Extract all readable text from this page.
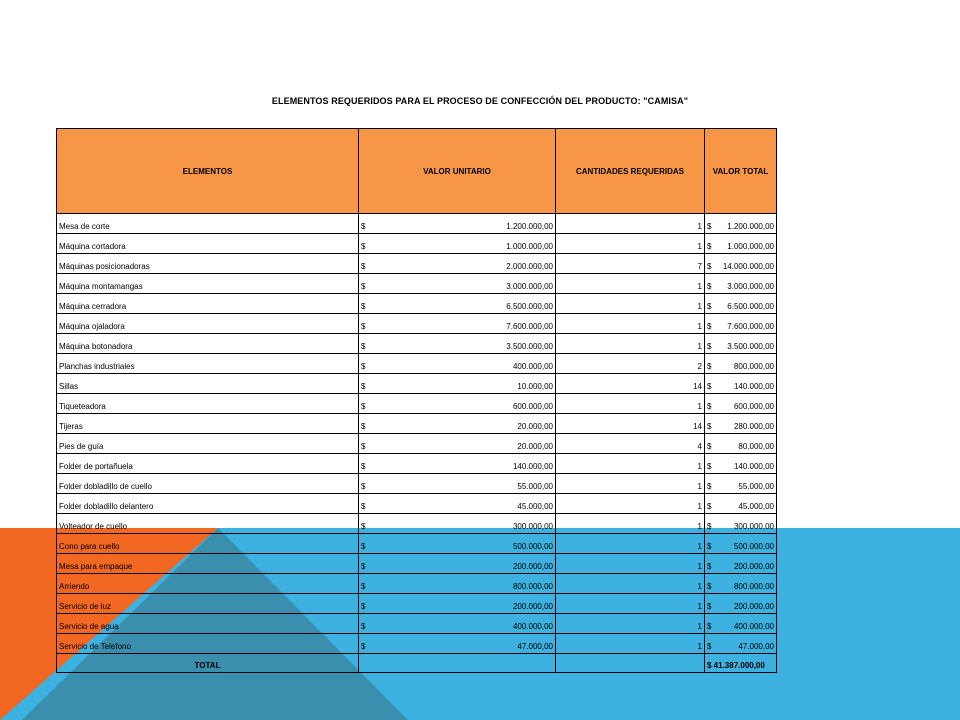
ELEMENTOS REQUERIDOS PARA EL PROCESO DE CONFECCIÓN DEL PRODUCTO: "CAMISA"
ELEMENTOS	VALOR UNITARIO	CANTIDADES REQUERIDAS	VALOR TOTAL
Mesa de corte	$ 1.200.000,00	1	$ 1.200.000,00

Máquina cortadora	$ 1.000.000,00	1	$ 1.000.000,00

Máquinas posicionadoras	$ 2.000.000,00	7	$ 14.000.000,00

Máquina montamangas	$ 3.000.000,00	1	$ 3.000.000,00

Máquina cerradora	$ 6.500.000,00	1	$ 6.500.000,00

Máquina ojaladora	$ 7.600.000,00	1	$ 7.600.000,00

Máquina botonadora	$ 3.500.000,00	1	$ 3.500.000,00

Planchas industriales	$ 400.000,00	2	$ 800.000,00

Sillas	$ 10.000,00	14	$ 140.000,00

Tiqueteadora	$ 600.000,00	1	$ 600.000,00

Tijeras	$ 20.000,00	14	$ 280.000,00

Pies de guía	$ 20.000,00	4	$ 80.000,00

Folder de portañuela	$ 140.000,00	1	$ 140.000,00

Folder dobladillo de cuello	$ 55.000,00	1	$ 55.000,00

Folder dobladillo delantero	$ 45.000,00	1	$ 45.000,00

Volteador de cuello	$ 300.000,00	1	$ 300.000,00

Cono para cuello	$ 500.000,00	1	$ 500.000,00

Mesa para empaque	$ 200.000,00	1	$ 200.000,00

Arriendo	$ 800.000,00	1	$ 800.000,00

Servicio de luz	$ 200.000,00	1	$ 200.000,00

Servicio de agua	$ 400.000,00	1	$ 400.000,00

Servicio de Telefono	$ 47.000,00	1	$ 47.000,00

TOTAL			$ 41.387.000,00
